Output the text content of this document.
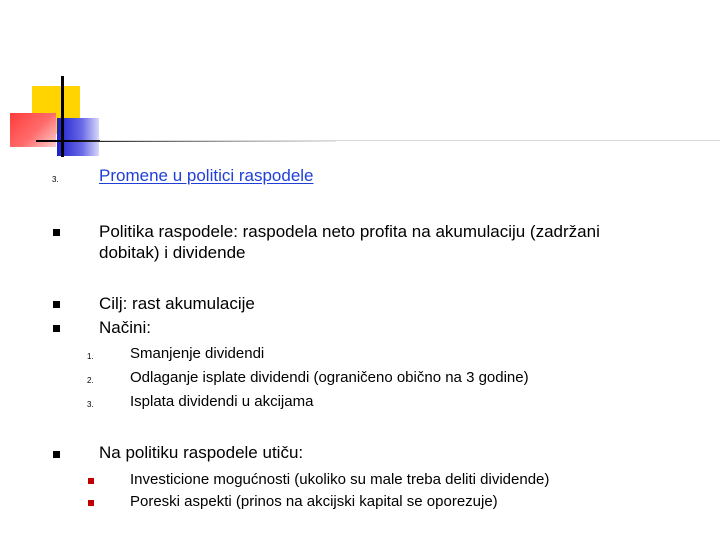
3. Promene u politici raspodele
Politika raspodele: raspodela neto profita na akumulaciju (zadržani
dobitak) i dividende
Cilj: rast akumulacije
Načini:
1. Smanjenje dividendi
2. Odlaganje isplate dividendi (ograničeno obično na 3 godine)
3. Isplata dividendi u akcijama
Na politiku raspodele utiču:
Investicione mogućnosti (ukoliko su male treba deliti dividende)
Poreski aspekti (prinos na akcijski kapital se oporezuje)
